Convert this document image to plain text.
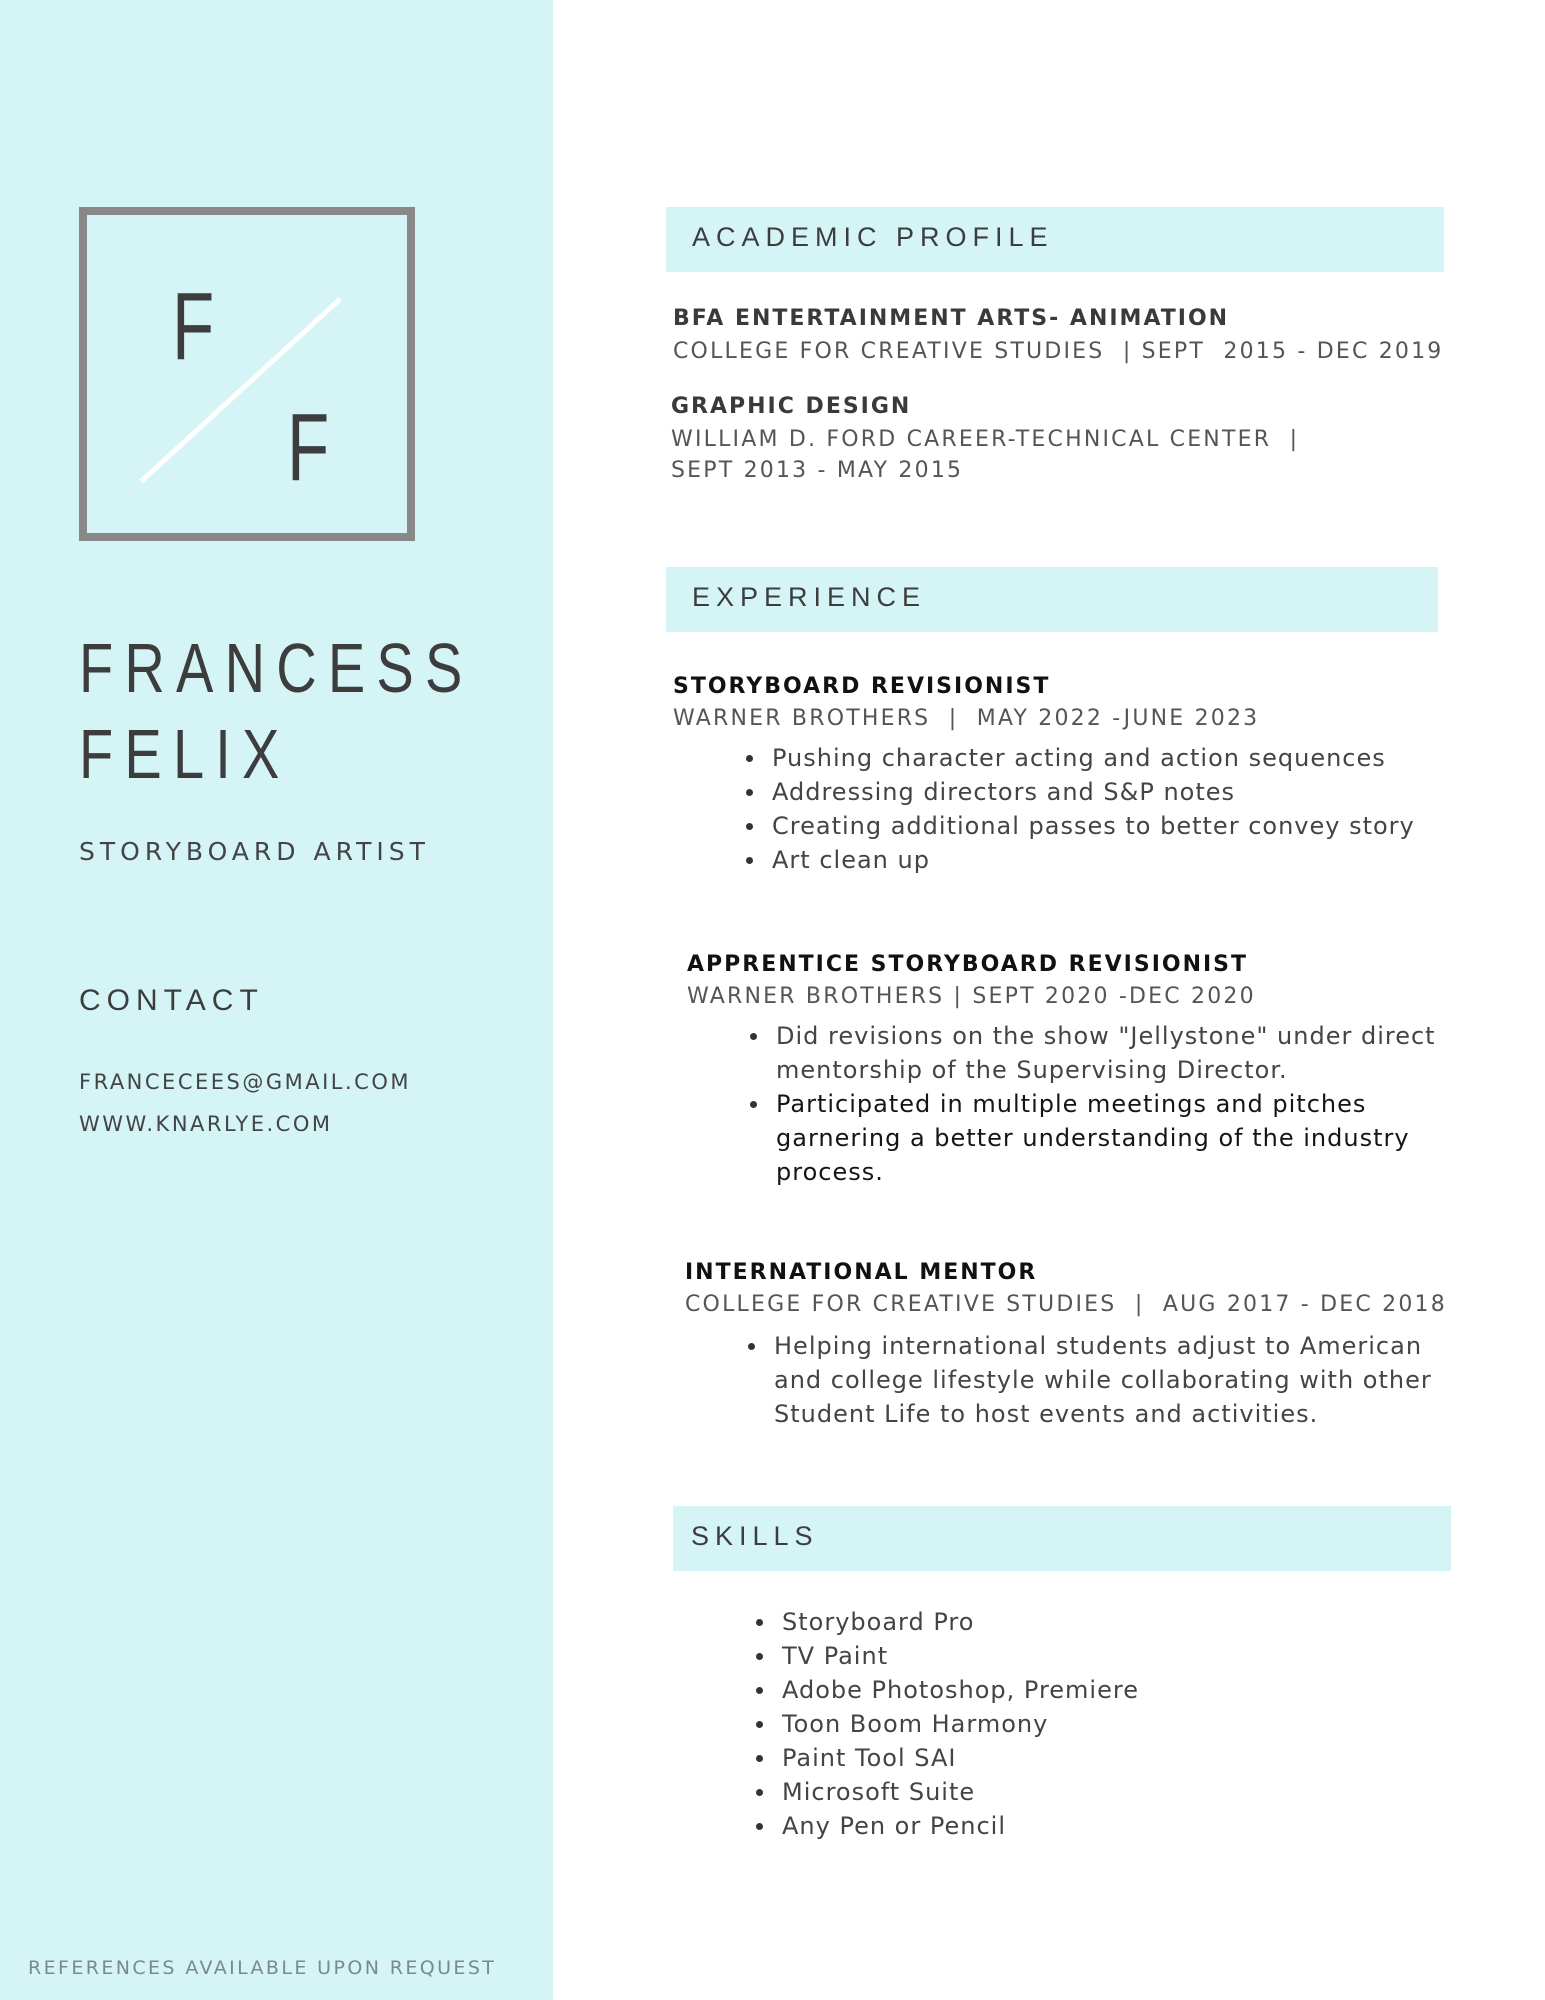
F
F
FRANCESS
FELIX
STORYBOARD ARTIST
CONTACT
FRANCECEES@GMAIL.COM
WWW.KNARLYE.COM
REFERENCES AVAILABLE UPON REQUEST
ACADEMIC PROFILE
BFA ENTERTAINMENT ARTS- ANIMATION
COLLEGE FOR CREATIVE STUDIES  | SEPT  2015 - DEC 2019
GRAPHIC DESIGN
WILLIAM D. FORD CAREER-TECHNICAL CENTER  |
SEPT 2013 - MAY 2015
EXPERIENCE
STORYBOARD REVISIONIST
WARNER BROTHERS  |  MAY 2022 -JUNE 2023
Pushing character acting and action sequences
Addressing directors and S&P notes
Creating additional passes to better convey story
Art clean up
APPRENTICE STORYBOARD REVISIONIST
WARNER BROTHERS | SEPT 2020 -DEC 2020
Did revisions on the show "Jellystone" under direct mentorship of the Supervising Director.
Participated in multiple meetings and pitches garnering a better understanding of the industry process.
INTERNATIONAL MENTOR
COLLEGE FOR CREATIVE STUDIES  |  AUG 2017 - DEC 2018
Helping international students adjust to American and college lifestyle while collaborating with other Student Life to host events and activities.
SKILLS
Storyboard Pro
TV Paint
Adobe Photoshop, Premiere
Toon Boom Harmony
Paint Tool SAI
Microsoft Suite
Any Pen or Pencil
